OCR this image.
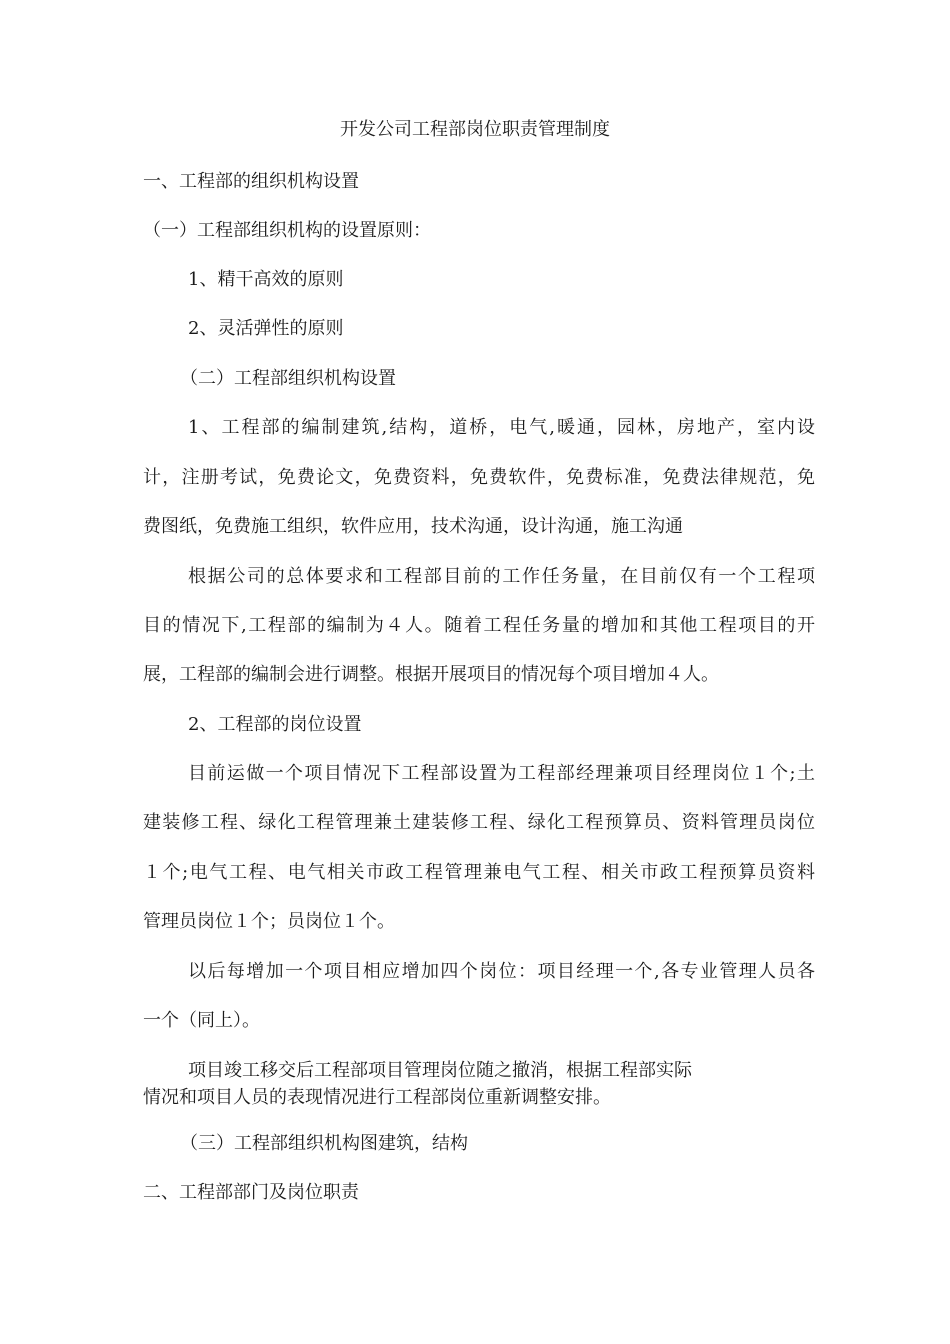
开发公司工程部岗位职责管理制度
一、工程部的组织机构设置
（一）工程部组织机构的设置原则：
1、精干高效的原则
2、灵活弹性的原则
（二）工程部组织机构设置
1、工程部的编制建筑,结构，道桥，电气,暖通，园林，房地产，室内设
计，注册考试，免费论文，免费资料，免费软件，免费标准，免费法律规范，免
费图纸，免费施工组织，软件应用，技术沟通，设计沟通，施工沟通
根据公司的总体要求和工程部目前的工作任务量，在目前仅有一个工程项
目的情况下,工程部的编制为４人。随着工程任务量的增加和其他工程项目的开
展，工程部的编制会进行调整。根据开展项目的情况每个项目增加４人。
2、工程部的岗位设置
目前运做一个项目情况下工程部设置为工程部经理兼项目经理岗位１个;土
建装修工程、绿化工程管理兼土建装修工程、绿化工程预算员、资料管理员岗位
１个;电气工程、电气相关市政工程管理兼电气工程、相关市政工程预算员资料
管理员岗位１个；员岗位１个。
以后每增加一个项目相应增加四个岗位：项目经理一个,各专业管理人员各
一个（同上）。
项目竣工移交后工程部项目管理岗位随之撤消，根据工程部实际
情况和项目人员的表现情况进行工程部岗位重新调整安排。
（三）工程部组织机构图建筑，结构
二、工程部部门及岗位职责
